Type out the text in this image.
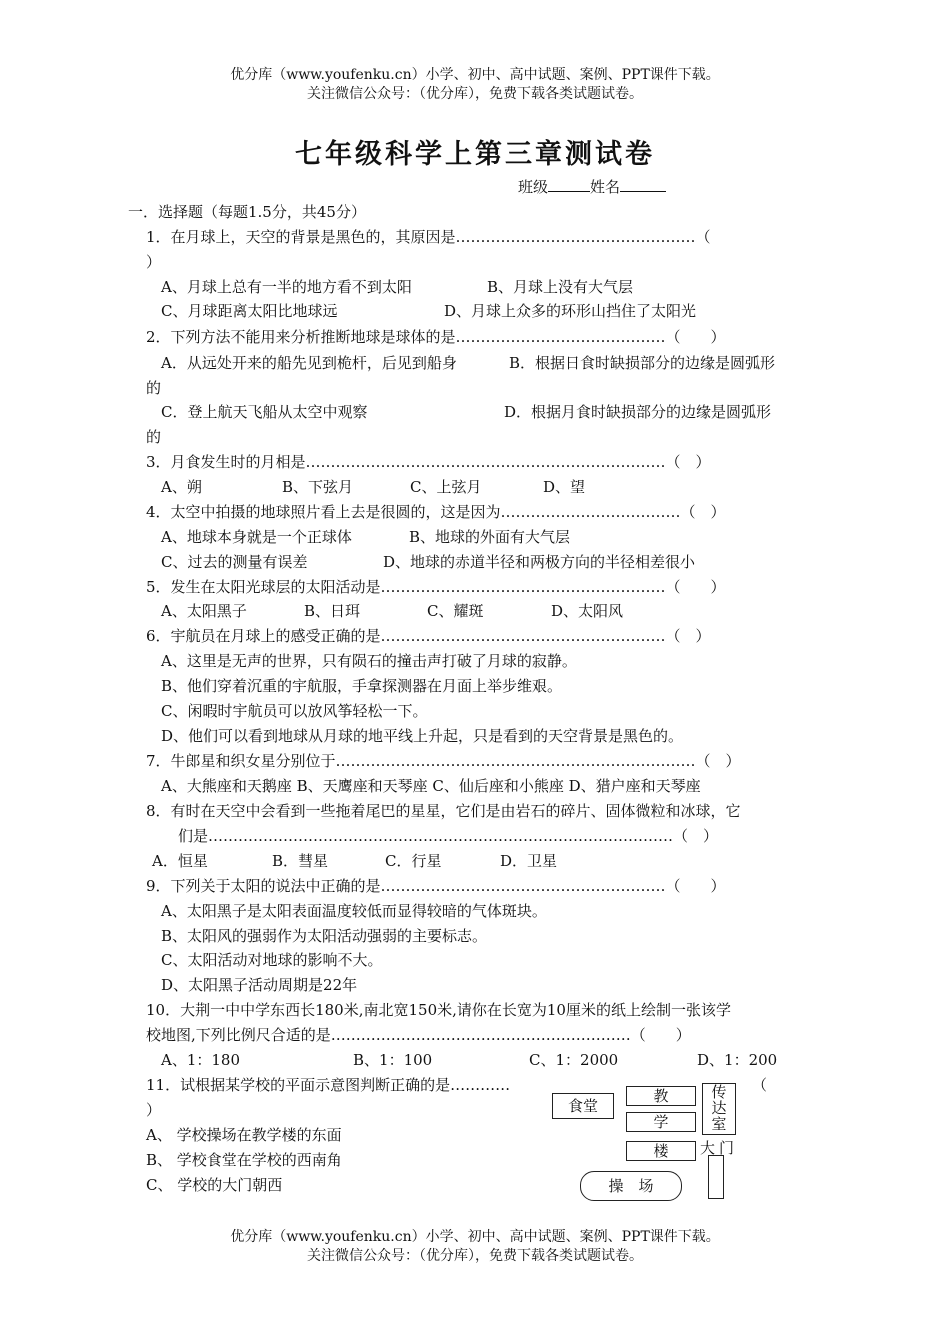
优分库（www.youfenku.cn）小学、初中、高中试题、案例、PPT课件下载。
关注微信公众号：（优分库），免费下载各类试题试卷。
七年级科学上第三章测试卷
班级	姓名
一．选择题（每题1.5分，共45分）
1．在月球上，天空的背景是黑色的，其原因是…………………………………………（
）
A、月球上总有一半的地方看不到太阳	B、月球上没有大气层
C、月球距离太阳比地球远	D、月球上众多的环形山挡住了太阳光
2．下列方法不能用来分析推断地球是球体的是……………………………………（　　）
A．从远处开来的船先见到桅杆，后见到船身	B．根据日食时缺损部分的边缘是圆弧形
的
C．登上航天飞船从太空中观察	D．根据月食时缺损部分的边缘是圆弧形
的
3．月食发生时的月相是………………………………………………………………（　）
A、朔	B、下弦月	C、上弦月	D、望
4．太空中拍摄的地球照片看上去是很圆的，这是因为………………………………（　）
A、地球本身就是一个正球体	B、地球的外面有大气层
C、过去的测量有误差	D、地球的赤道半径和两极方向的半径相差很小
5．发生在太阳光球层的太阳活动是…………………………………………………（　　）
A、太阳黑子	B、日珥	C、耀斑	D、太阳风
6．宇航员在月球上的感受正确的是…………………………………………………（　）
A、这里是无声的世界，只有陨石的撞击声打破了月球的寂静。
B、他们穿着沉重的宇航服，手拿探测器在月面上举步维艰。
C、闲暇时宇航员可以放风筝轻松一下。
D、他们可以看到地球从月球的地平线上升起，只是看到的天空背景是黑色的。
7．牛郎星和织女星分别位于………………………………………………………………（　）
A、大熊座和天鹅座 B、天鹰座和天琴座 C、仙后座和小熊座 D、猎户座和天琴座
8．有时在天空中会看到一些拖着尾巴的星星，它们是由岩石的碎片、固体微粒和冰球，它
们是…………………………………………………………………………………（　）
A．恒星	B．彗星	C．行星	D．卫星
9．下列关于太阳的说法中正确的是…………………………………………………（　　）
A、太阳黑子是太阳表面温度较低而显得较暗的气体斑块。
B、太阳风的强弱作为太阳活动强弱的主要标志。
C、太阳活动对地球的影响不大。
D、太阳黑子活动周期是22年
10．大荆一中中学东西长180米,南北宽150米,请你在长宽为10厘米的纸上绘制一张该学
校地图,下列比例尺合适的是……………………………………………………（　　）
A、1：180	B、1：100	C、1：2000	D、1：200
11．试根据某学校的平面示意图判断正确的是…………	（
）
A、 学校操场在教学楼的东面
B、 学校食堂在学校的西南角
C、 学校的大门朝西
食堂
教
学
楼
传
达
室
大门
操　场
优分库（www.youfenku.cn）小学、初中、高中试题、案例、PPT课件下载。
关注微信公众号：（优分库），免费下载各类试题试卷。
